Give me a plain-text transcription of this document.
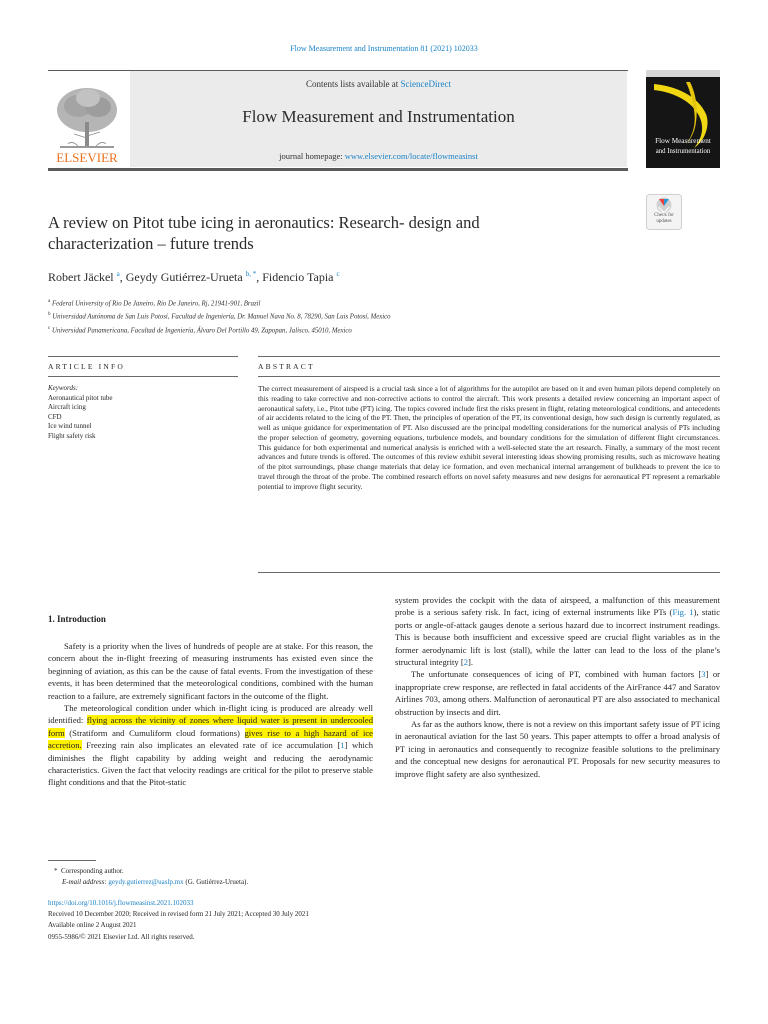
Flow Measurement and Instrumentation 81 (2021) 102033
Contents lists available at ScienceDirect
Flow Measurement and Instrumentation
journal homepage: www.elsevier.com/locate/flowmeasinst
ELSEVIER
Flow Measurement
and Instrumentation
Check for
updates
A review on Pitot tube icing in aeronautics: Research- design and
characterization – future trends
Robert Jäckel $^a$, Geydy Gutiérrez-Urueta $^{b, *}$, Fidencio Tapia $^c$
$^a$ Federal University of Rio De Janeiro, Rio De Janeiro, Rj, 21941-901, Brazil
$^b$ Universidad Autónoma de San Luis Potosí, Facultad de Ingeniería, Dr. Manuel Nava No. 8, 78290, San Luis Potosí, Mexico
$^c$ Universidad Panamericana, Facultad de Ingeniería, Álvaro Del Portillo 49, Zapopan, Jalisco, 45010, Mexico
ARTICLE INFO	ABSTRACT
Keywords:
Aeronautical pitot tube
Aircraft icing
CFD
Ice wind tunnel
Flight safety risk
The correct measurement of airspeed is a crucial task since a lot of algorithms for the autopilot are based on it and even human pilots depend completely on this reading to take corrective and non-corrective actions to control the aircraft. This work presents a detailed review concerning an important aspect of aeronautical safety, i.e., Pitot tube (PT) icing. The topics covered include first the risks present in flight, relating meteorological conditions, and antecedents of air accidents related to the icing of the PT. Then, the principles of operation of the PT, its conventional design, how such design is currently regulated, as well as unique guidance for experimentation of PT. Also discussed are the principal modelling considerations for the numerical analysis of PTs including the proper selection of geometry, governing equations, turbulence models, and boundary conditions for the simulation of different flight circumstances. This guidance for both experimental and numerical analysis is enriched with a well-selected state the art research. Finally, a summary of the most recent advances and future trends is offered. The outcomes of this review exhibit several interesting ideas showing promising results, such as microwave heating of the pitot surroundings, phase change materials that delay ice formation, and even mechanical internal arrangement of bulkheads to prevent the ice to travel through the throat of the probe. The combined research efforts on novel safety measures and new designs for aeronautical PT represent a remarkable potential to improve flight security.
1. Introduction

Safety is a priority when the lives of hundreds of people are at stake. For this reason, the concern about the in-flight freezing of measuring instruments has existed even since the beginning of aviation, as this can be the cause of fatal events. From the investigation of these events, it has been determined that the meteorological conditions, combined with the human reaction to a failure, are extremely significant factors in the outcome of the flight.

The meteorological condition under which in-flight icing is produced are already well identified: flying across the vicinity of zones where liquid water is present in undercooled form (Stratiform and Cumuliform cloud formations) gives rise to a high hazard of ice accretion. Freezing rain also implicates an elevated rate of ice accumulation [1] which diminishes the flight capability by adding weight and reducing the aerodynamic characteristics. Given the fact that velocity readings are critical for the pilot to preserve stable flight conditions and that the Pitot-static

system provides the cockpit with the data of airspeed, a malfunction of this measurement probe is a serious safety risk. In fact, icing of external instruments like PTs (Fig. 1), static ports or angle-of-attack gauges denote a serious hazard due to incorrect instrument readings. This is because both insufficient and excessive speed are crucial flight variables as in the former aerodynamic lift is lost (stall), while the latter can lead to the loss of the plane’s structural integrity [2].

The unfortunate consequences of icing of PT, combined with human factors [3] or inappropriate crew response, are reflected in fatal accidents of the AirFrance 447 and Saratov Airlines 703, among others. Malfunction of aeronautical PT are also associated to mechanical obstruction by insects and dirt.

As far as the authors know, there is not a review on this important safety issue of PT icing in aeronautical aviation for the last 50 years. This paper attempts to offer a broad analysis of PT icing in aeronautics and consequently to recognize feasible solutions to the preliminary and the conceptual new designs for aeronautical PT. Proposals for new security measures to improve flight safety are also synthesized.

*  Corresponding author.
E-mail address: geydy.gutierrez@uaslp.mx (G. Gutiérrez-Urueta).
https://doi.org/10.1016/j.flowmeasinst.2021.102033
Received 10 December 2020; Received in revised form 21 July 2021; Accepted 30 July 2021
Available online 2 August 2021
0955-5986/© 2021 Elsevier Ltd. All rights reserved.
